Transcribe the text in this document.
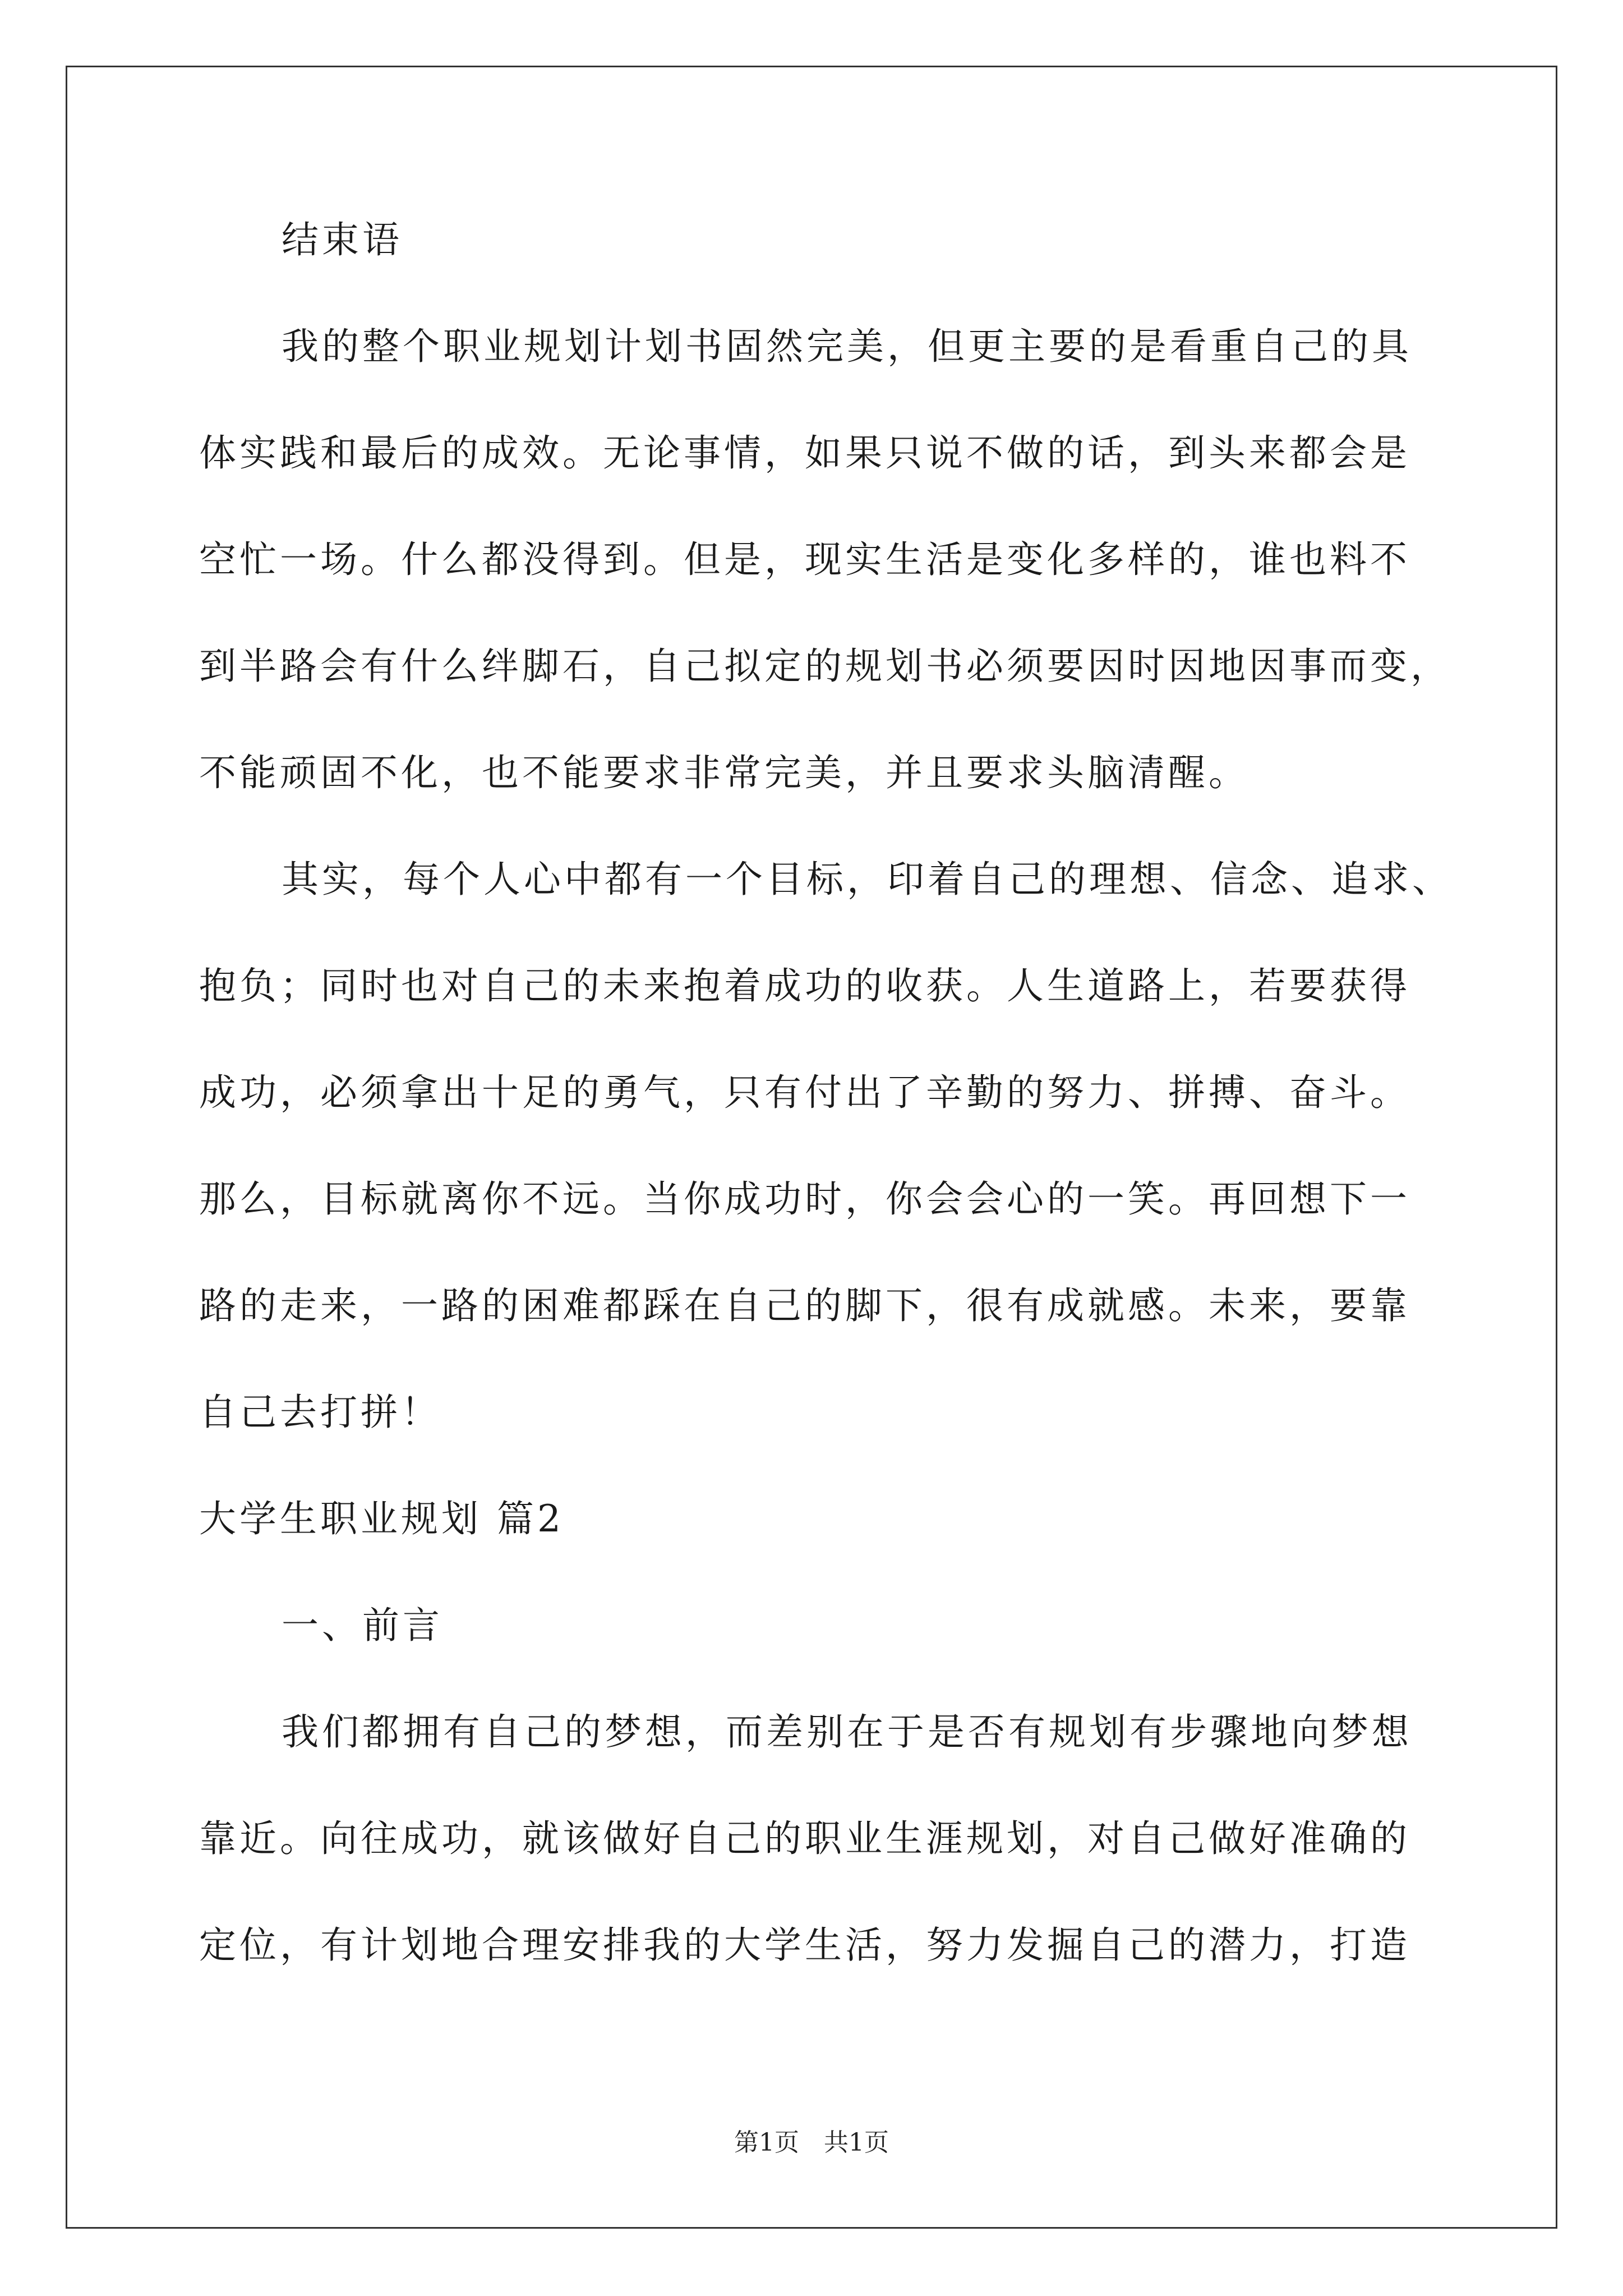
结束语
我的整个职业规划计划书固然完美，但更主要的是看重自己的具
体实践和最后的成效。无论事情，如果只说不做的话，到头来都会是
空忙一场。什么都没得到。但是，现实生活是变化多样的，谁也料不
到半路会有什么绊脚石，自己拟定的规划书必须要因时因地因事而变，
不能顽固不化，也不能要求非常完美，并且要求头脑清醒。
其实，每个人心中都有一个目标，印着自己的理想、信念、追求、
抱负；同时也对自己的未来抱着成功的收获。人生道路上，若要获得
成功，必须拿出十足的勇气，只有付出了辛勤的努力、拼搏、奋斗。
那么，目标就离你不远。当你成功时，你会会心的一笑。再回想下一
路的走来，一路的困难都踩在自己的脚下，很有成就感。未来，要靠
自己去打拼！
大学生职业规划 篇2
一、前言
我们都拥有自己的梦想，而差别在于是否有规划有步骤地向梦想
靠近。向往成功，就该做好自己的职业生涯规划，对自己做好准确的
定位，有计划地合理安排我的大学生活，努力发掘自己的潜力，打造
第1页 共1页
